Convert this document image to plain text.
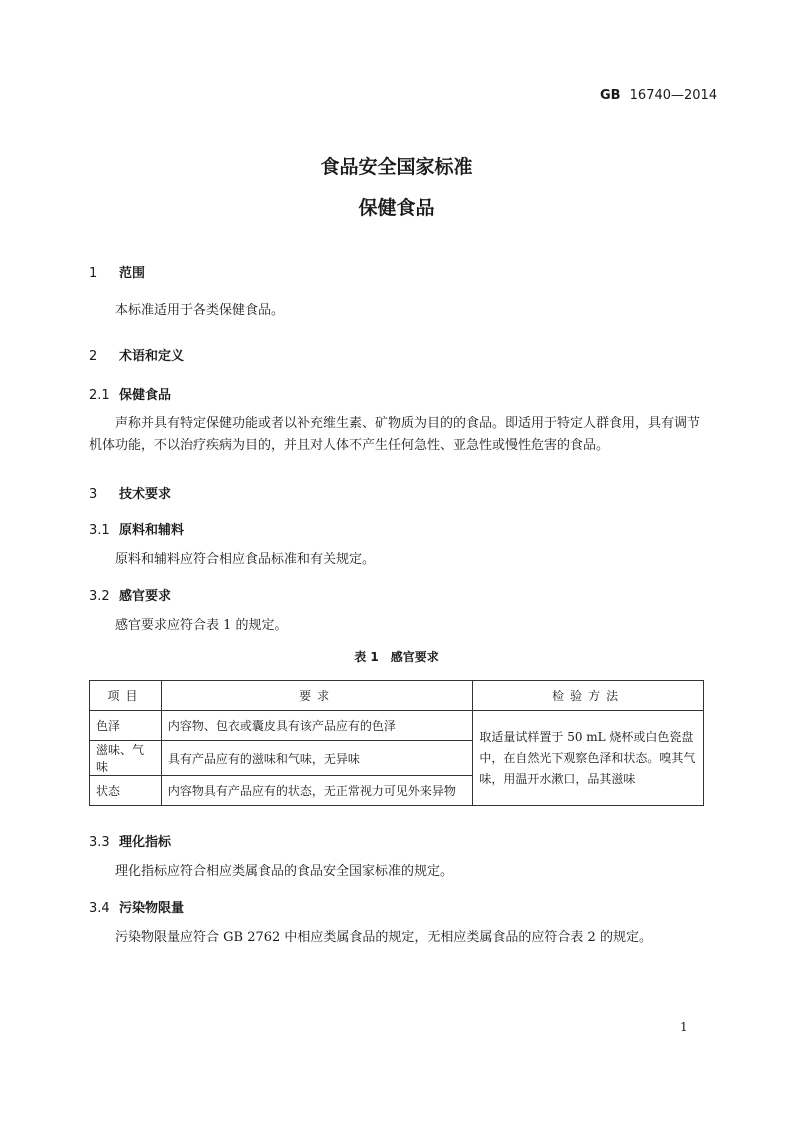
GB 16740—2014
食品安全国家标准
保健食品
1 范围
本标准适用于各类保健食品。
2 术语和定义
2.1 保健食品
声称并具有特定保健功能或者以补充维生素、矿物质为目的的食品。即适用于特定人群食用，具有调节机体功能，不以治疗疾病为目的，并且对人体不产生任何急性、亚急性或慢性危害的食品。
3 技术要求
3.1 原料和辅料
原料和辅料应符合相应食品标准和有关规定。
3.2 感官要求
感官要求应符合表 1 的规定。
表 1　感官要求
项目	要求	检验方法
色泽	内容物、包衣或囊皮具有该产品应有的色泽	取适量试样置于 50 mL 烧杯或白色瓷盘中，在自然光下观察色泽和状态。嗅其气味，用温开水漱口，品其滋味
滋味、气味	具有产品应有的滋味和气味，无异味	
状态	内容物具有产品应有的状态，无正常视力可见外来异物	
3.3 理化指标
理化指标应符合相应类属食品的食品安全国家标准的规定。
3.4 污染物限量
污染物限量应符合 GB 2762 中相应类属食品的规定，无相应类属食品的应符合表 2 的规定。
1
